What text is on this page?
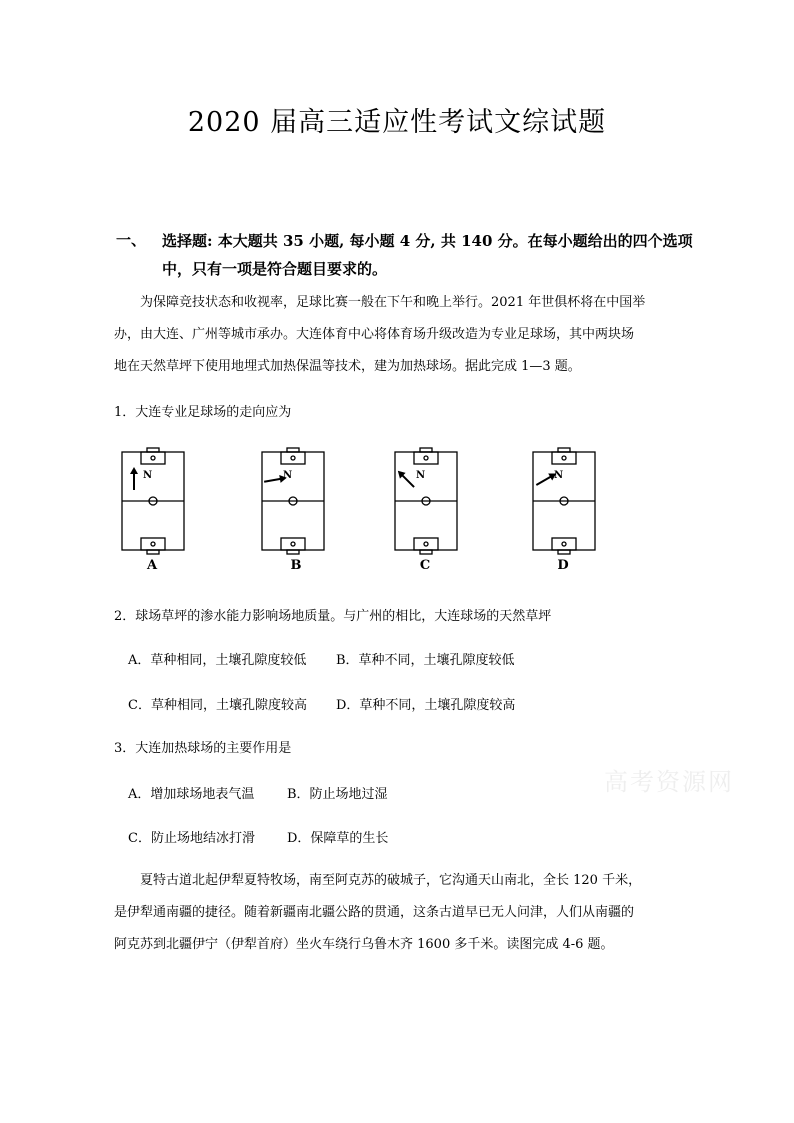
2020 届高三适应性考试文综试题
一、 选择题: 本大题共 35 小题, 每小题 4 分, 共 140 分。在每小题给出的四个选项中，只有一项是符合题目要求的。
为保障竞技状态和收视率，足球比赛一般在下午和晚上举行。2021 年世俱杯将在中国举
办，由大连、广州等城市承办。大连体育中心将体育场升级改造为专业足球场，其中两块场
地在天然草坪下使用地埋式加热保温等技术，建为加热球场。据此完成 1—3 题。
1．大连专业足球场的走向应为
N
A
N
B
N
C
N
D
2．球场草坪的渗水能力影响场地质量。与广州的相比，大连球场的天然草坪
A．草种相同，土壤孔隙度较低 B．草种不同，土壤孔隙度较低
C．草种相同，土壤孔隙度较高 D．草种不同，土壤孔隙度较高
3．大连加热球场的主要作用是
A．增加球场地表气温	B．防止场地过湿
C．防止场地结冰打滑 D．保障草的生长
高考资源网
夏特古道北起伊犁夏特牧场，南至阿克苏的破城子，它沟通天山南北，全长 120 千米，
是伊犁通南疆的捷径。随着新疆南北疆公路的贯通，这条古道早已无人问津，人们从南疆的
阿克苏到北疆伊宁（伊犁首府）坐火车绕行乌鲁木齐 1600 多千米。读图完成 4-6 题。
